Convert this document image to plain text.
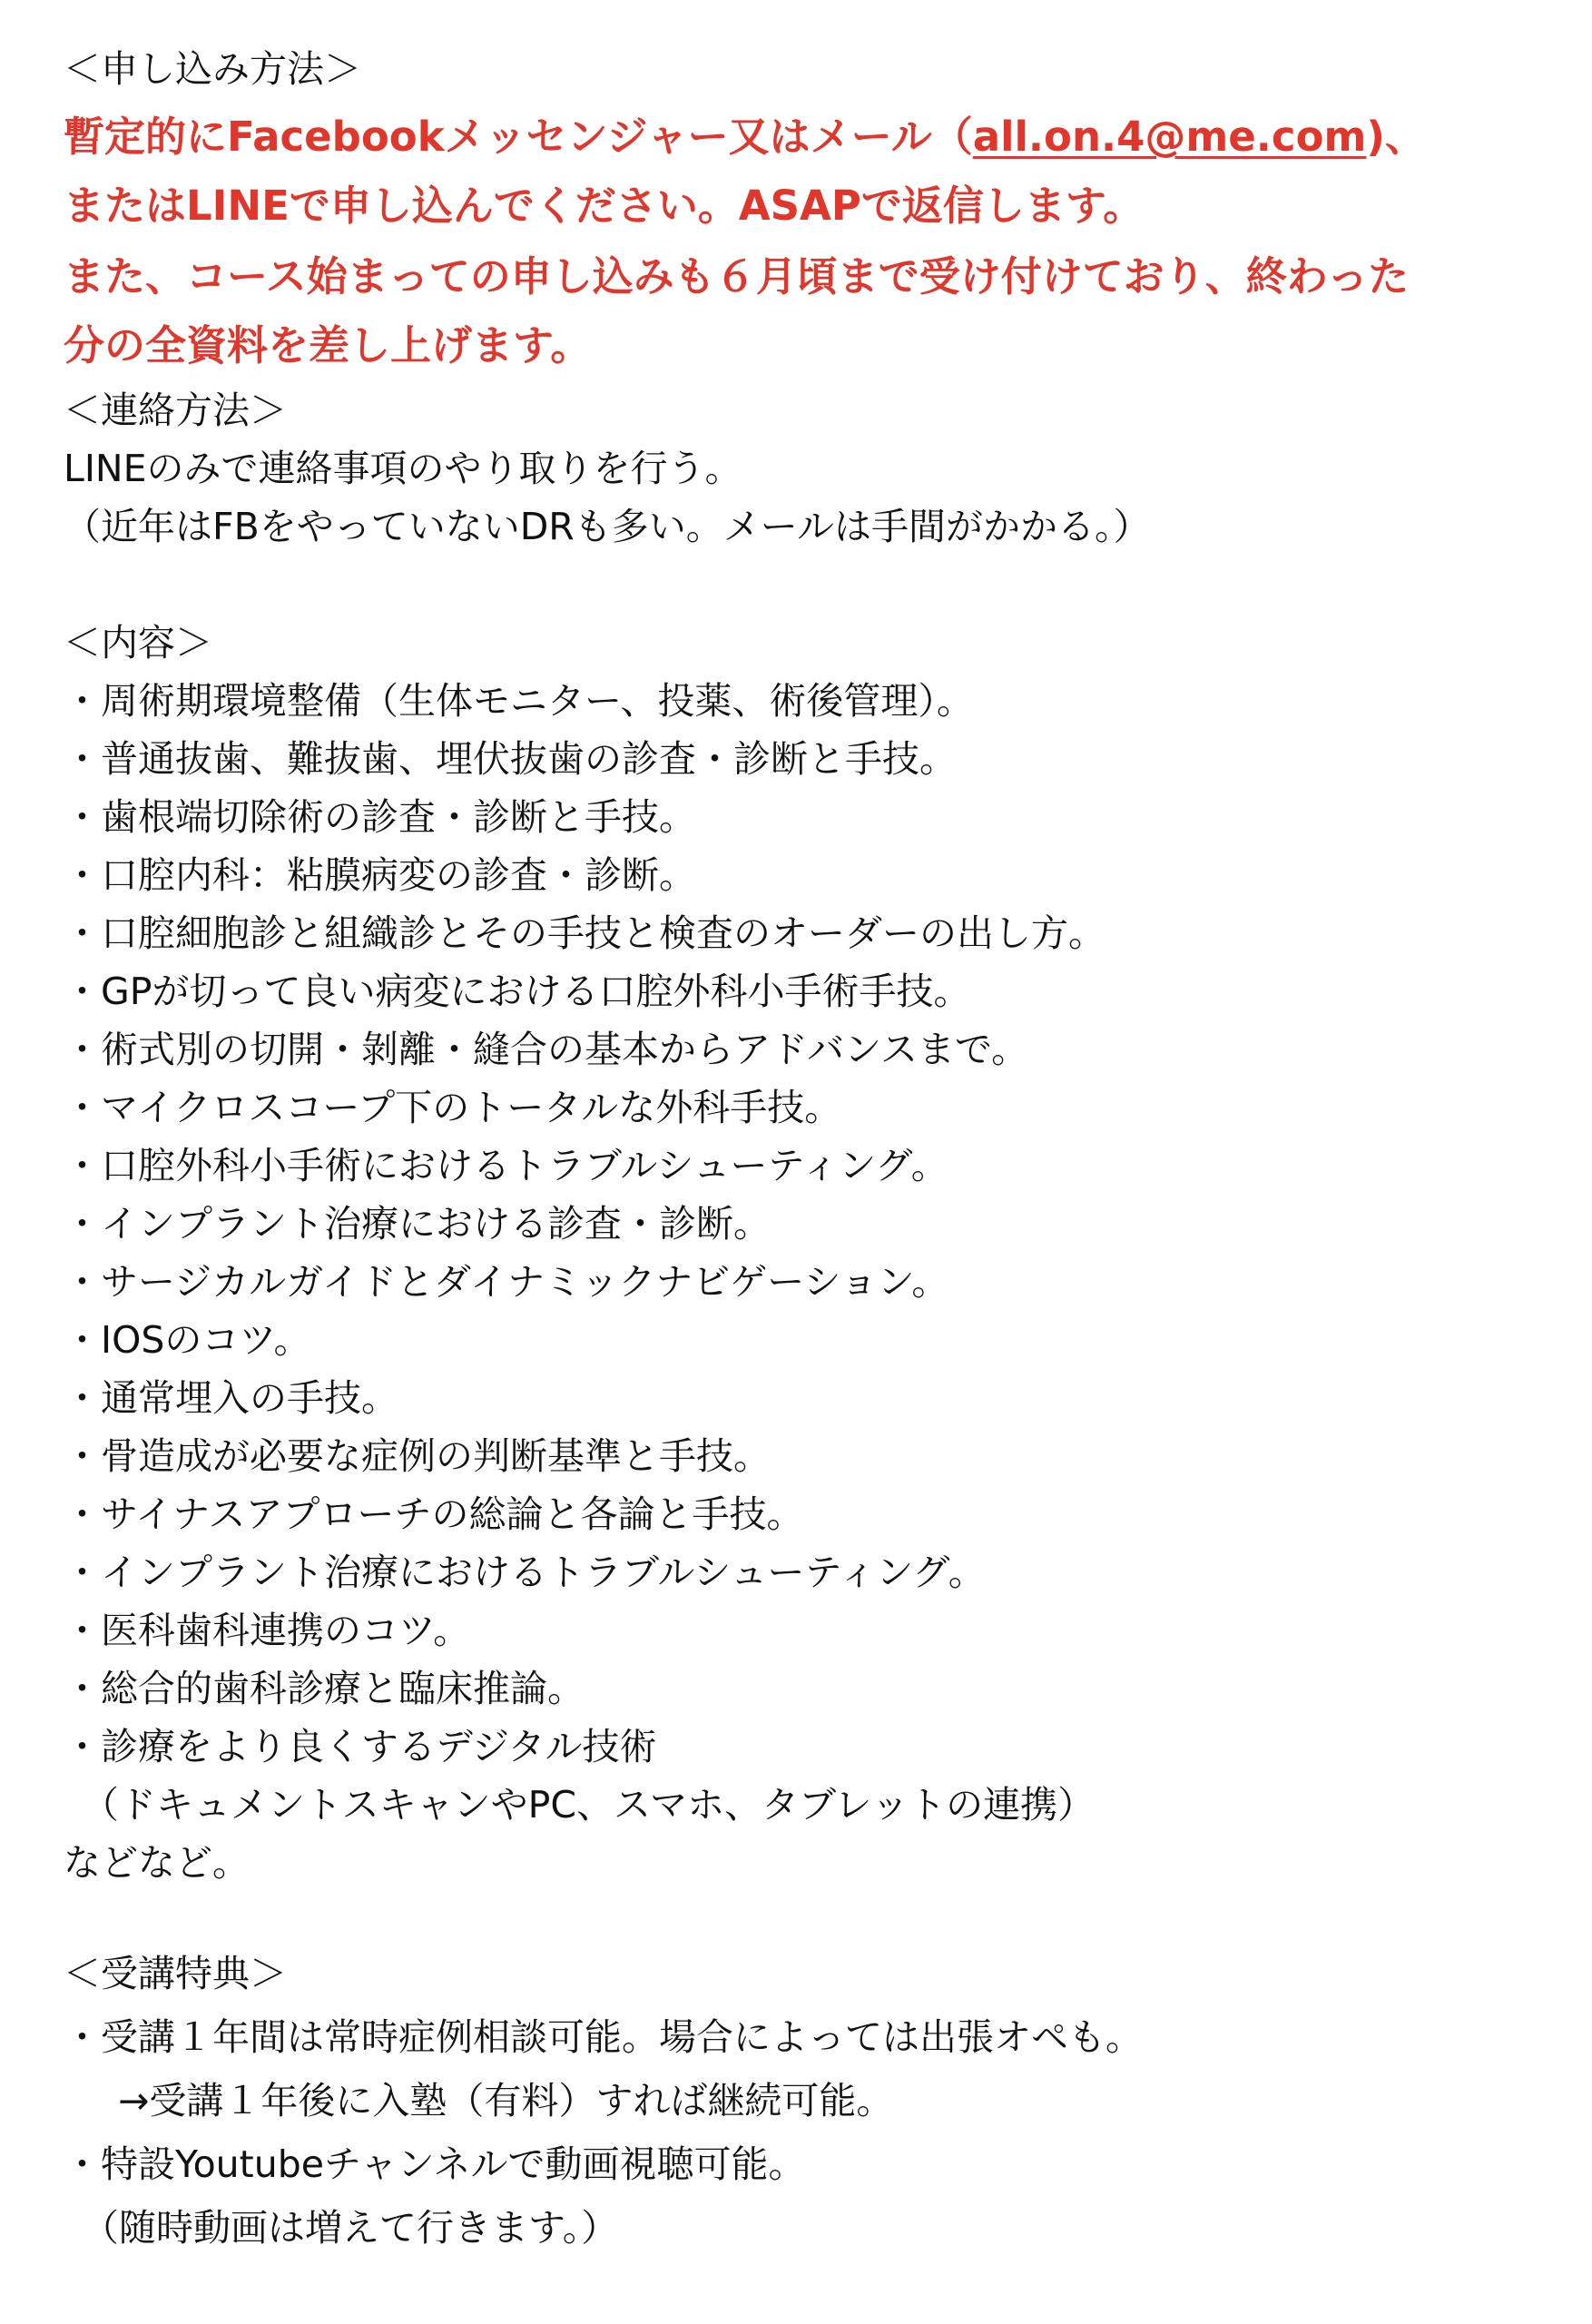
＜申し込み方法＞
暫定的にFacebookメッセンジャー又はメール（all.on.4@me.com)、
またはLINEで申し込んでください。ASAPで返信します。
また、コース始まっての申し込みも６月頃まで受け付けており、終わった
分の全資料を差し上げます。
＜連絡方法＞
LINEのみで連絡事項のやり取りを行う。
（近年はFBをやっていないDRも多い。メールは手間がかかる。）
＜内容＞
・周術期環境整備（生体モニター、投薬、術後管理）。
・普通抜歯、難抜歯、埋伏抜歯の診査・診断と手技。
・歯根端切除術の診査・診断と手技。
・口腔内科：粘膜病変の診査・診断。
・口腔細胞診と組織診とその手技と検査のオーダーの出し方。
・GPが切って良い病変における口腔外科小手術手技。
・術式別の切開・剝離・縫合の基本からアドバンスまで。
・マイクロスコープ下のトータルな外科手技。
・口腔外科小手術におけるトラブルシューティング。
・インプラント治療における診査・診断。
・サージカルガイドとダイナミックナビゲーション。
・IOSのコツ。
・通常埋入の手技。
・骨造成が必要な症例の判断基準と手技。
・サイナスアプローチの総論と各論と手技。
・インプラント治療におけるトラブルシューティング。
・医科歯科連携のコツ。
・総合的歯科診療と臨床推論。
・診療をより良くするデジタル技術
（ドキュメントスキャンやPC、スマホ、タブレットの連携）
などなど。
＜受講特典＞
・受講１年間は常時症例相談可能。場合によっては出張オペも。
→受講１年後に入塾（有料）すれば継続可能。
・特設Youtubeチャンネルで動画視聴可能。
（随時動画は増えて行きます。）
